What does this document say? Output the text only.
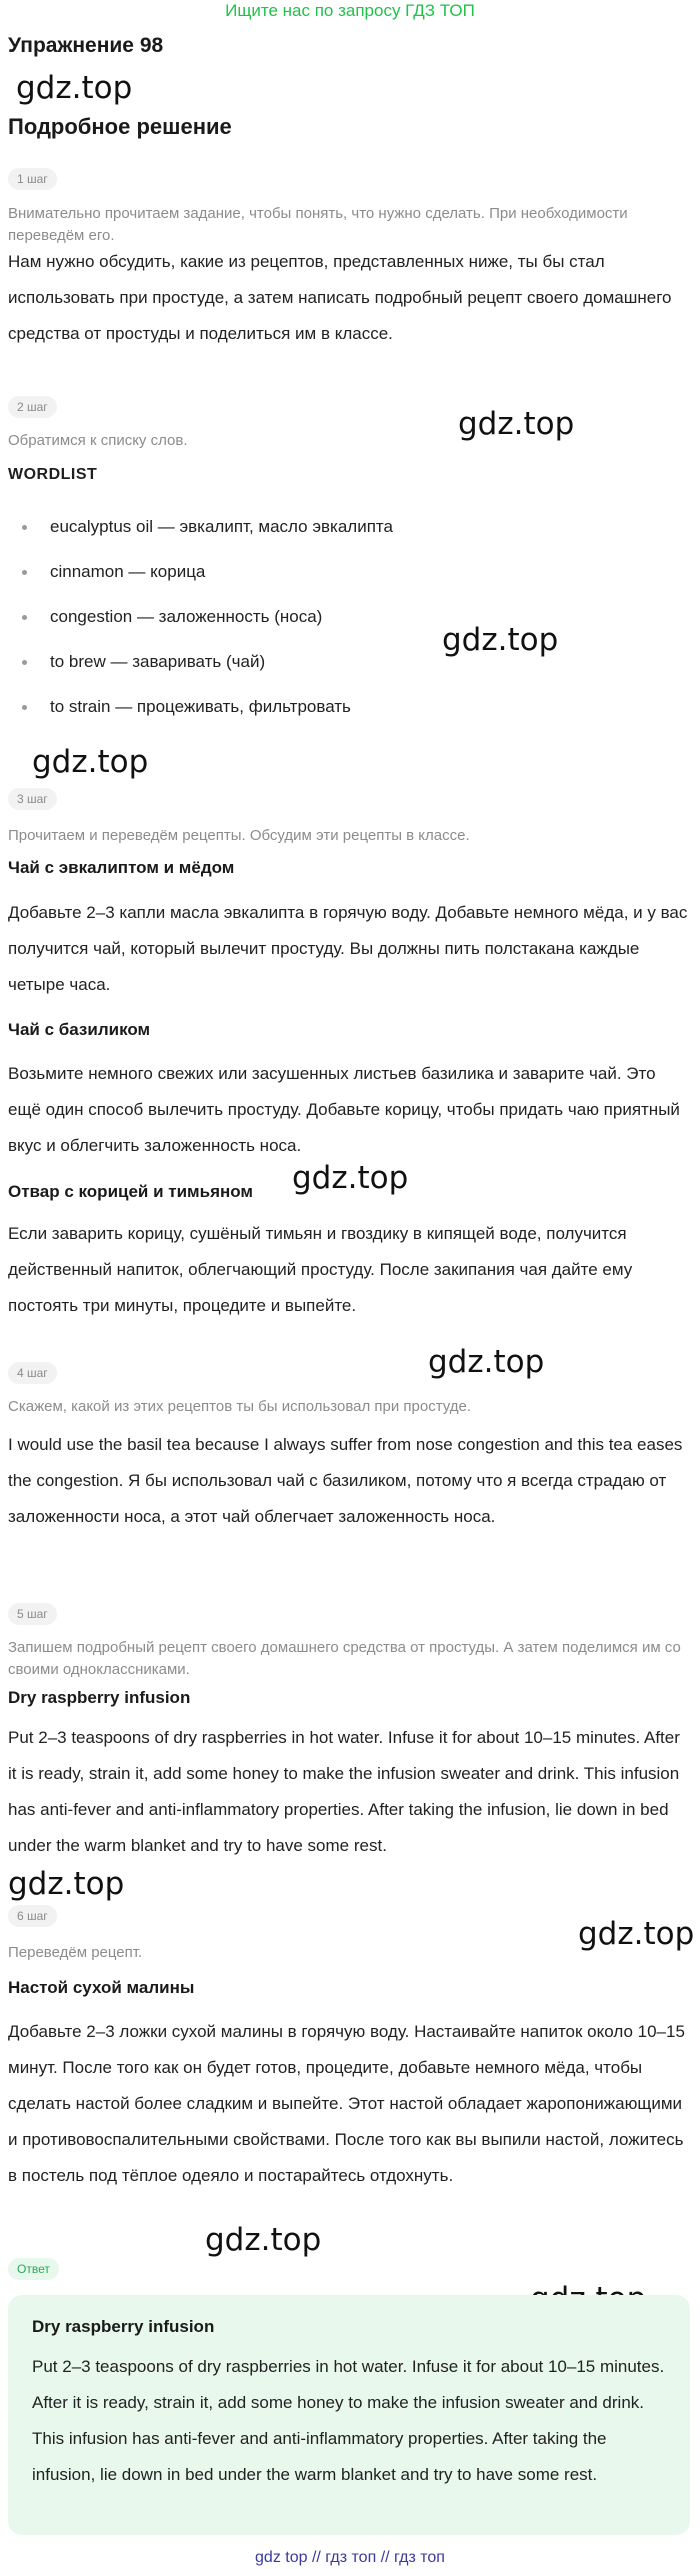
Ищите нас по запросу ГДЗ ТОП
Упражнение 98
gdz.top
Подробное решение
1 шаг
Внимательно прочитаем задание, чтобы понять, что нужно сделать. При необходимости переведём его.
Нам нужно обсудить, какие из рецептов, представленных ниже, ты бы стал использовать при простуде, а затем написать подробный рецепт своего домашнего средства от простуды и поделиться им в классе.
2 шаг	gdz.top
Обратимся к списку слов.
WORDLIST
eucalyptus oil — эвкалипт, масло эвкалипта
cinnamon — корица
congestion — заложенность (носа)
to brew — заваривать (чай)
to strain — процеживать, фильтровать
gdz.top
gdz.top
3 шаг
Прочитаем и переведём рецепты. Обсудим эти рецепты в классе.
Чай с эвкалиптом и мёдом
Добавьте 2–3 капли масла эвкалипта в горячую воду. Добавьте немного мёда, и у вас получится чай, который вылечит простуду. Вы должны пить полстакана каждые четыре часа.
Чай с базиликом
Возьмите немного свежих или засушенных листьев базилика и заварите чай. Это ещё один способ вылечить простуду. Добавьте корицу, чтобы придать чаю приятный вкус и облегчить заложенность носа.
gdz.top
Отвар с корицей и тимьяном
Если заварить корицу, сушёный тимьян и гвоздику в кипящей воде, получится действенный напиток, облегчающий простуду. После закипания чая дайте ему постоять три минуты, процедите и выпейте.
gdz.top
4 шаг
Скажем, какой из этих рецептов ты бы использовал при простуде.
I would use the basil tea because I always suffer from nose congestion and this tea eases the congestion. Я бы использовал чай с базиликом, потому что я всегда страдаю от заложенности носа, а этот чай облегчает заложенность носа.
5 шаг
Запишем подробный рецепт своего домашнего средства от простуды. А затем поделимся им со своими одноклассниками.
Dry raspberry infusion
Put 2–3 teaspoons of dry raspberries in hot water. Infuse it for about 10–15 minutes. After it is ready, strain it, add some honey to make the infusion sweater and drink. This infusion has anti-fever and anti-inflammatory properties. After taking the infusion, lie down in bed under the warm blanket and try to have some rest.
gdz.top
6 шаг	gdz.top
Переведём рецепт.
Настой сухой малины
Добавьте 2–3 ложки сухой малины в горячую воду. Настаивайте напиток около 10–15 минут. После того как он будет готов, процедите, добавьте немного мёда, чтобы сделать настой более сладким и выпейте. Этот настой обладает жаропонижающими и противовоспалительными свойствами. После того как вы выпили настой, ложитесь в постель под тёплое одеяло и постарайтесь отдохнуть.
gdz.top
Ответ
Dry raspberry infusion
Put 2–3 teaspoons of dry raspberries in hot water. Infuse it for about 10–15 minutes. After it is ready, strain it, add some honey to make the infusion sweater and drink. This infusion has anti-fever and anti-inflammatory properties. After taking the infusion, lie down in bed under the warm blanket and try to have some rest.
gdz top // гдз топ // гдз топ
